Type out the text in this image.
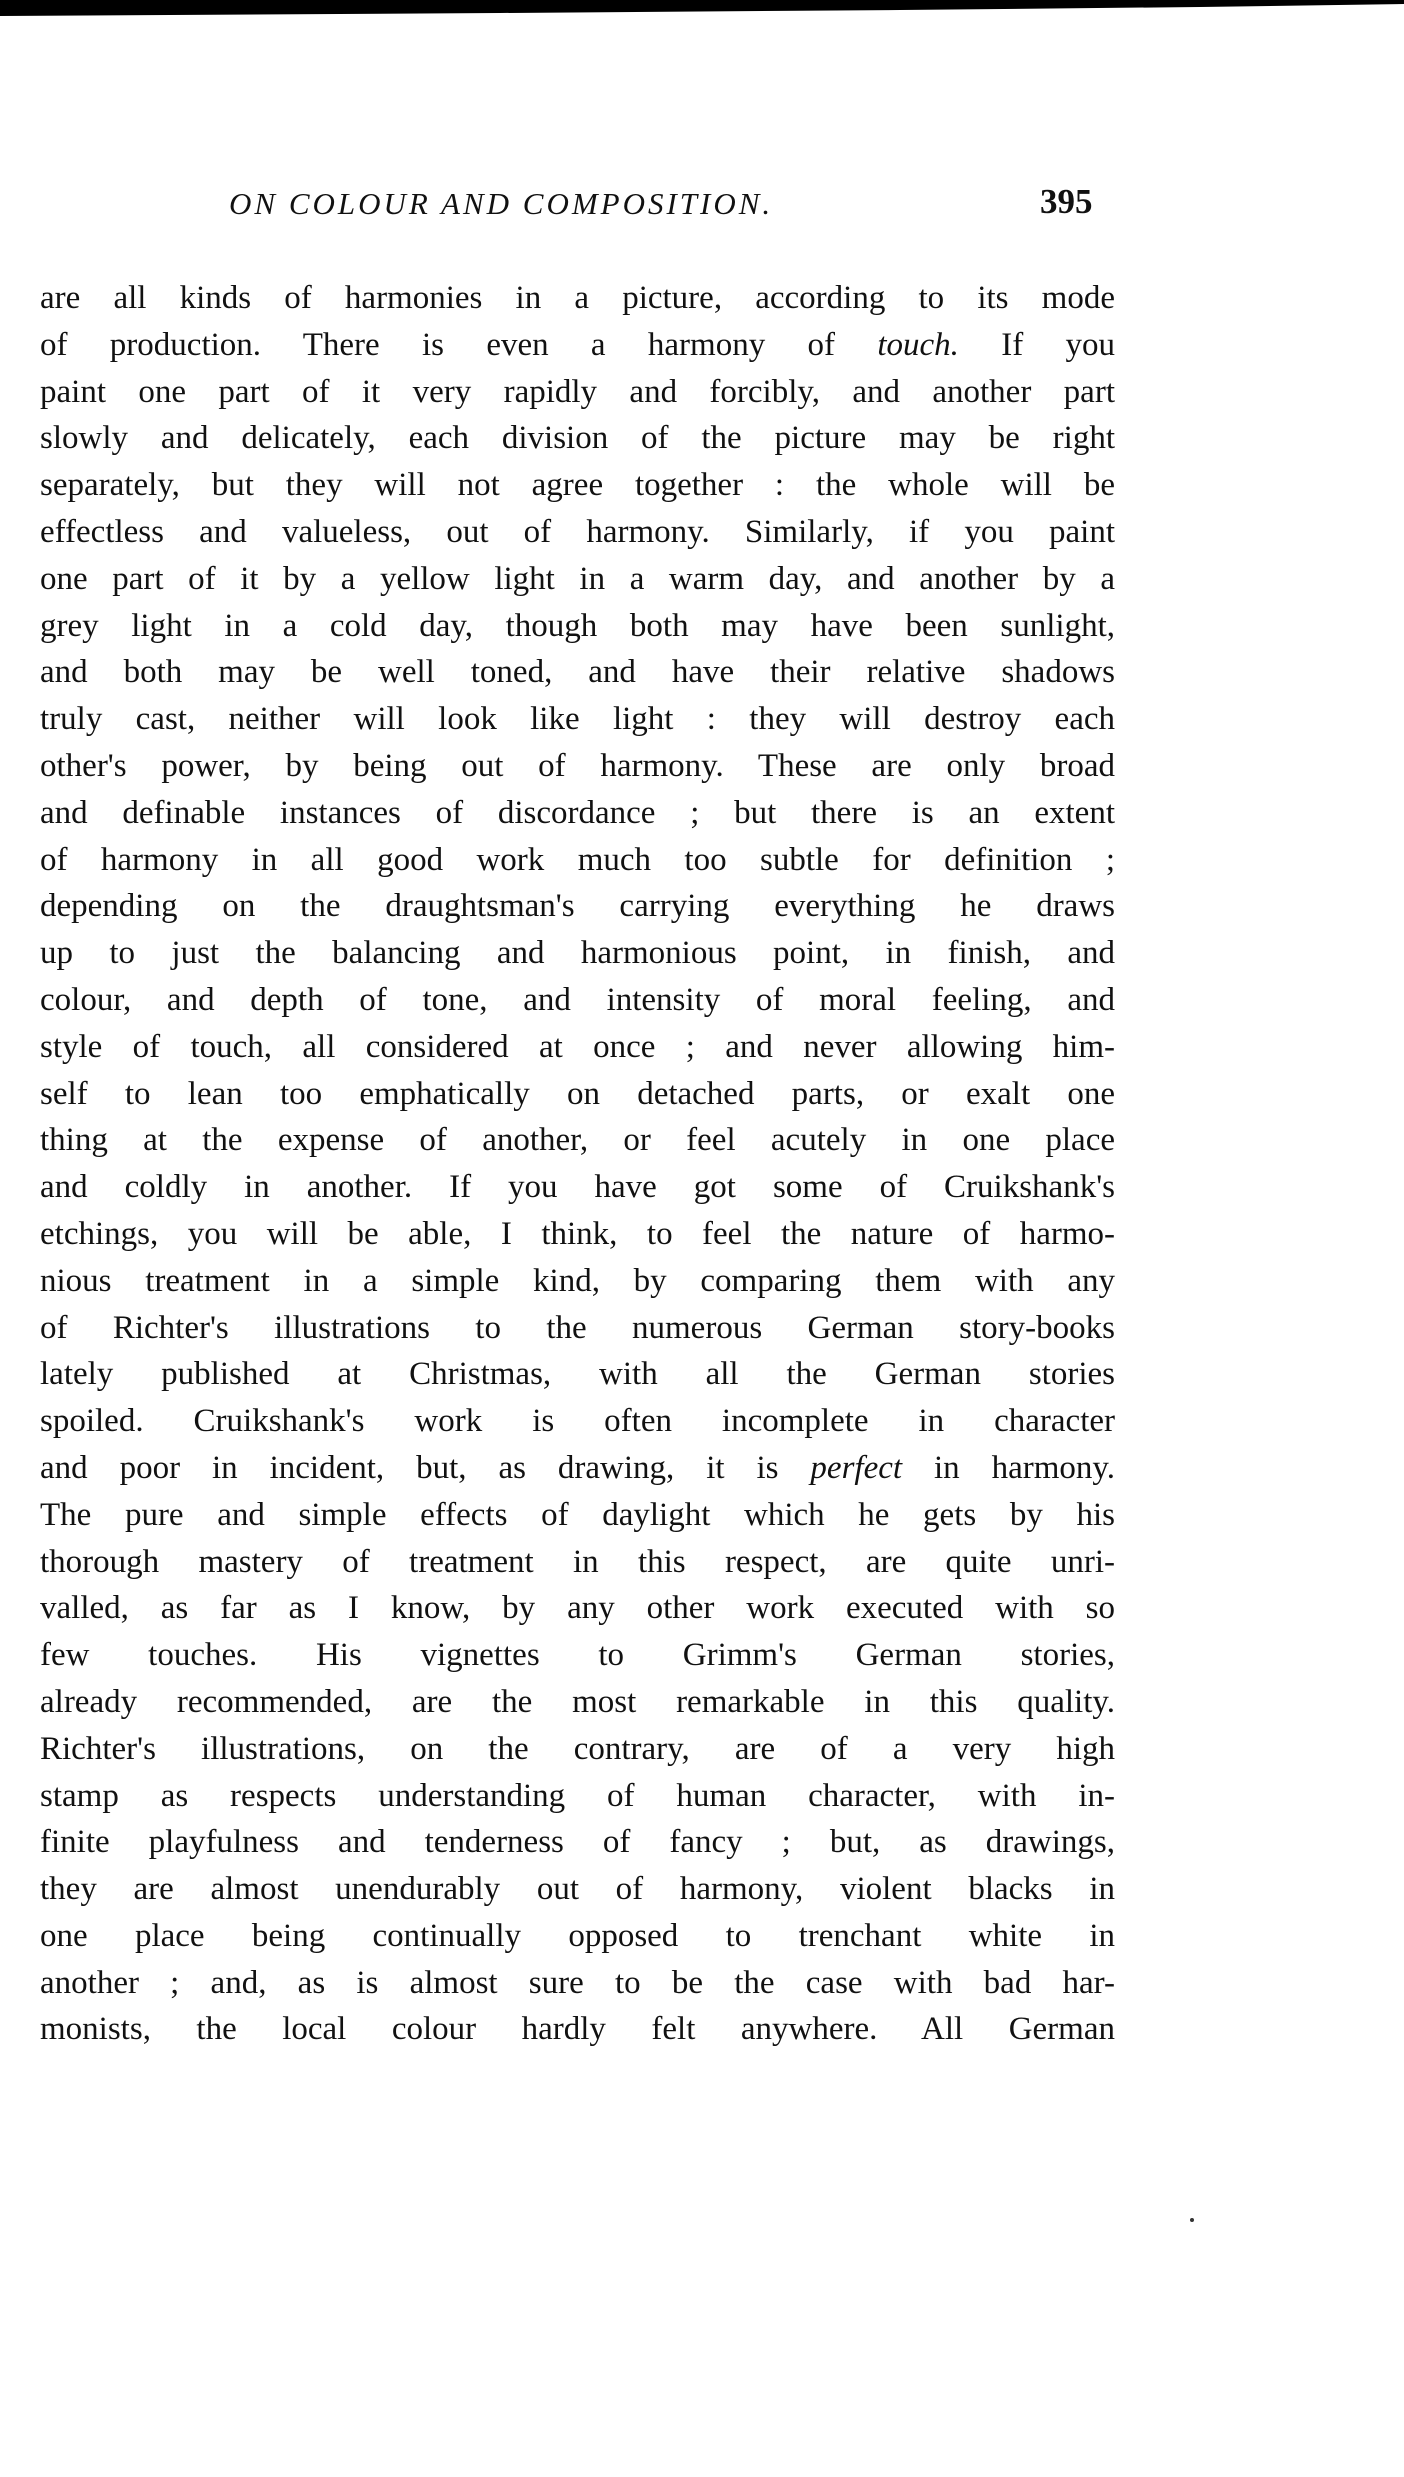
ON COLOUR AND COMPOSITION.	395
are all kinds of harmonies in a picture, according to its mode
of production. There is even a harmony of touch. If you
paint one part of it very rapidly and forcibly, and another part
slowly and delicately, each division of the picture may be right
separately, but they will not agree together : the whole will be
effectless and valueless, out of harmony. Similarly, if you paint
one part of it by a yellow light in a warm day, and another by a
grey light in a cold day, though both may have been sunlight,
and both may be well toned, and have their relative shadows
truly cast, neither will look like light : they will destroy each
other's power, by being out of harmony. These are only broad
and definable instances of discordance ; but there is an extent
of harmony in all good work much too subtle for definition ;
depending on the draughtsman's carrying everything he draws
up to just the balancing and harmonious point, in finish, and
colour, and depth of tone, and intensity of moral feeling, and
style of touch, all considered at once ; and never allowing him-
self to lean too emphatically on detached parts, or exalt one
thing at the expense of another, or feel acutely in one place
and coldly in another. If you have got some of Cruikshank's
etchings, you will be able, I think, to feel the nature of harmo-
nious treatment in a simple kind, by comparing them with any
of Richter's illustrations to the numerous German story-books
lately published at Christmas, with all the German stories
spoiled. Cruikshank's work is often incomplete in character
and poor in incident, but, as drawing, it is perfect in harmony.
The pure and simple effects of daylight which he gets by his
thorough mastery of treatment in this respect, are quite unri-
valled, as far as I know, by any other work executed with so
few touches. His vignettes to Grimm's German stories,
already recommended, are the most remarkable in this quality.
Richter's illustrations, on the contrary, are of a very high
stamp as respects understanding of human character, with in-
finite playfulness and tenderness of fancy ; but, as drawings,
they are almost unendurably out of harmony, violent blacks in
one place being continually opposed to trenchant white in
another ; and, as is almost sure to be the case with bad har-
monists, the local colour hardly felt anywhere. All German
